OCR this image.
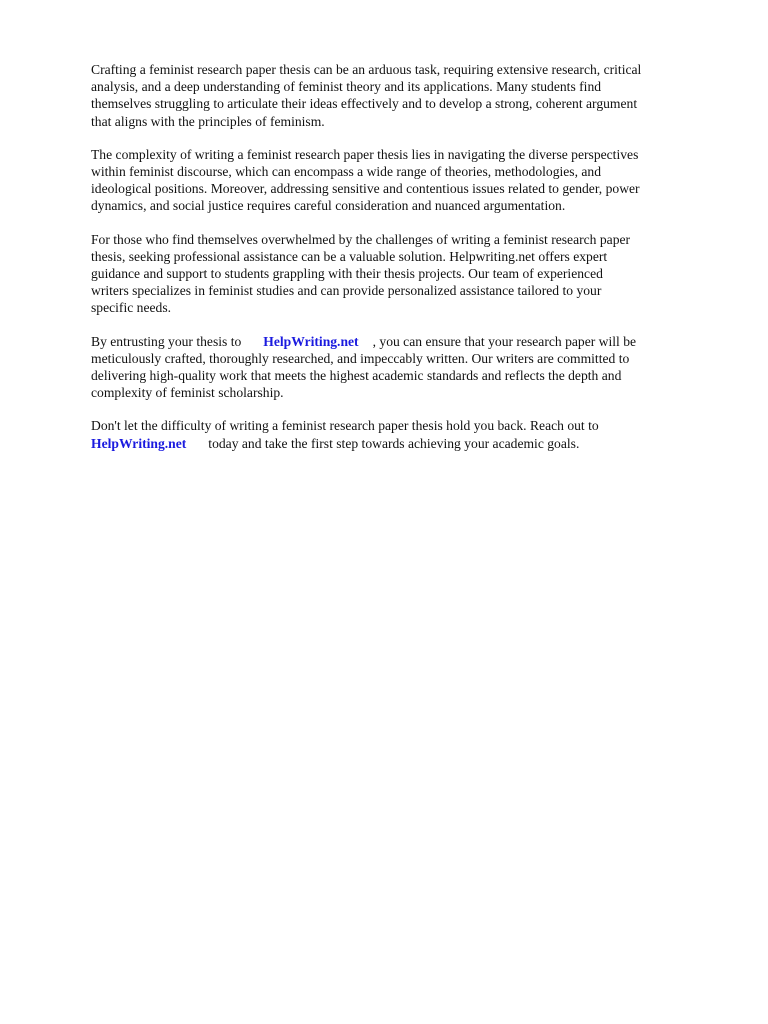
Crafting a feminist research paper thesis can be an arduous task, requiring extensive research, critical
analysis, and a deep understanding of feminist theory and its applications. Many students find
themselves struggling to articulate their ideas effectively and to develop a strong, coherent argument
that aligns with the principles of feminism.

The complexity of writing a feminist research paper thesis lies in navigating the diverse perspectives
within feminist discourse, which can encompass a wide range of theories, methodologies, and
ideological positions. Moreover, addressing sensitive and contentious issues related to gender, power
dynamics, and social justice requires careful consideration and nuanced argumentation.

For those who find themselves overwhelmed by the challenges of writing a feminist research paper
thesis, seeking professional assistance can be a valuable solution. Helpwriting.net offers expert
guidance and support to students grappling with their thesis projects. Our team of experienced
writers specializes in feminist studies and can provide personalized assistance tailored to your
specific needs.

By entrusting your thesis to HelpWriting.net , you can ensure that your research paper will be
meticulously crafted, thoroughly researched, and impeccably written. Our writers are committed to
delivering high-quality work that meets the highest academic standards and reflects the depth and
complexity of feminist scholarship.

Don't let the difficulty of writing a feminist research paper thesis hold you back. Reach out to
HelpWriting.net today and take the first step towards achieving your academic goals.
